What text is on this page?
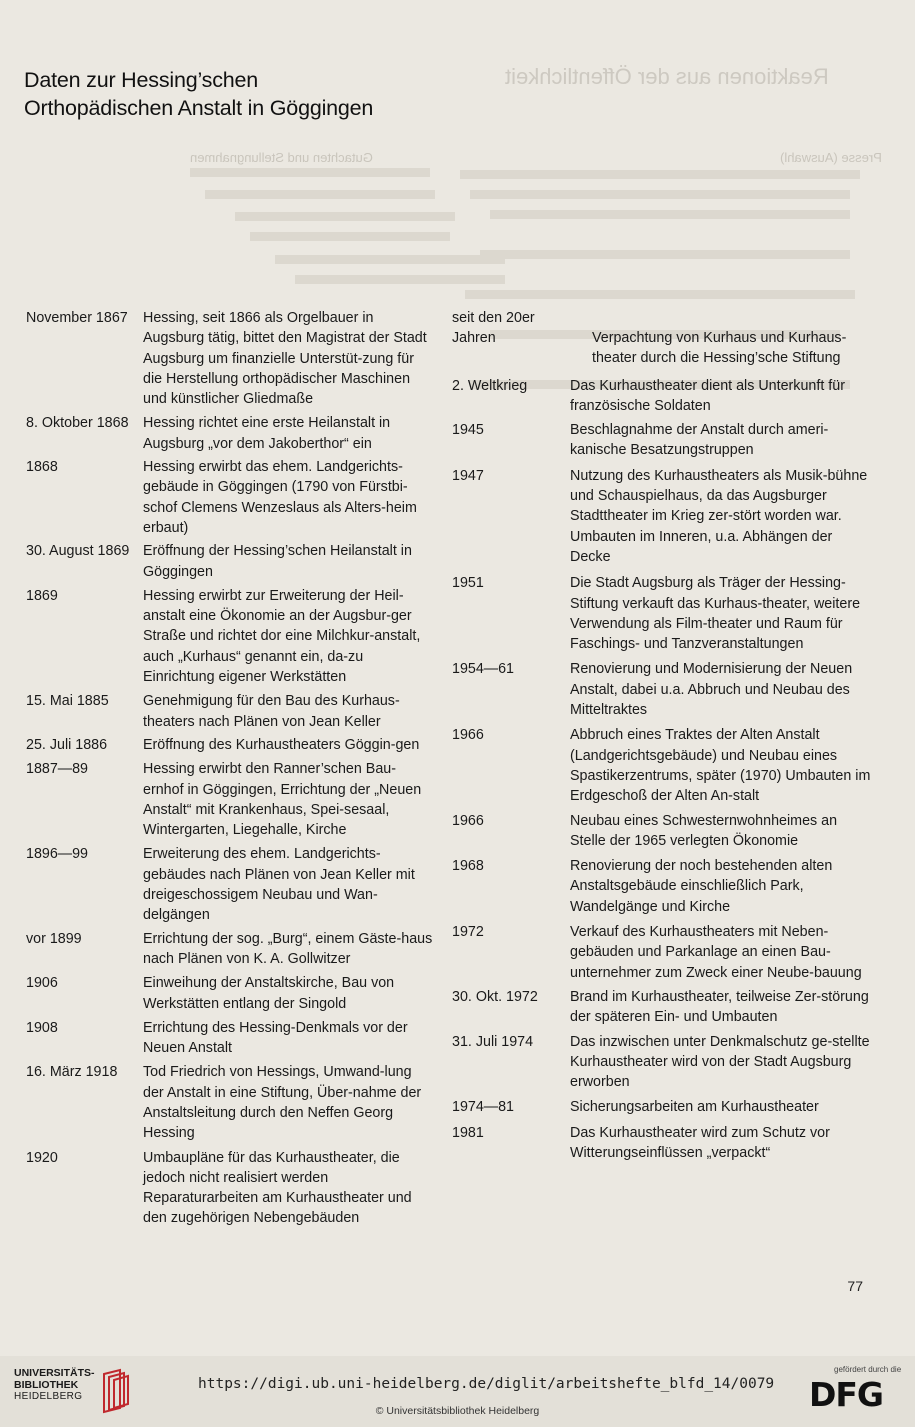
Reaktionen aus der Öffentlichkeit
Gutachten und Stellungnahmen	Presse (Auswahl)
Daten zur Hessing’schen
Orthopädischen Anstalt in Göggingen
November 1867	Hessing, seit 1866 als Orgelbauer in Augsburg tätig, bittet den Magistrat der Stadt Augsburg um finanzielle Unterstüt-zung für die Herstellung orthopädischer Maschinen und künstlicher Gliedmaße
8. Oktober 1868	Hessing richtet eine erste Heilanstalt in Augsburg „vor dem Jakoberthor“ ein
1868	Hessing erwirbt das ehem. Landgerichts-gebäude in Göggingen (1790 von Fürstbi-schof Clemens Wenzeslaus als Alters-heim erbaut)
30. August 1869 Eröffnung der Hessing’schen Heilanstalt in Göggingen
1869	Hessing erwirbt zur Erweiterung der Heil-anstalt eine Ökonomie an der Augsbur-ger Straße und richtet dor eine Milchkur-anstalt, auch „Kurhaus“ genannt ein, da-zu Einrichtung eigener Werkstätten
15. Mai 1885	Genehmigung für den Bau des Kurhaus-theaters nach Plänen von Jean Keller
25. Juli 1886	Eröffnung des Kurhaustheaters Göggin-gen
1887—89	Hessing erwirbt den Ranner’schen Bau-ernhof in Göggingen, Errichtung der „Neuen Anstalt“ mit Krankenhaus, Spei-sesaal, Wintergarten, Liegehalle, Kirche
1896—99	Erweiterung des ehem. Landgerichts-gebäudes nach Plänen von Jean Keller mit dreigeschossigem Neubau und Wan-delgängen
vor 1899	Errichtung der sog. „Burg“, einem Gäste-haus nach Plänen von K. A. Gollwitzer
1906	Einweihung der Anstaltskirche, Bau von Werkstätten entlang der Singold
1908	Errichtung des Hessing-Denkmals vor der Neuen Anstalt
16. März 1918	Tod Friedrich von Hessings, Umwand-lung der Anstalt in eine Stiftung, Über-nahme der Anstaltsleitung durch den Neffen Georg Hessing
1920	Umbaupläne für das Kurhaustheater, die jedoch nicht realisiert werden Reparaturarbeiten am Kurhaustheater und den zugehörigen Nebengebäuden
seit den 20er Jahren	Verpachtung von Kurhaus und Kurhaus-theater durch die Hessing’sche Stiftung
2. Weltkrieg	Das Kurhaustheater dient als Unterkunft für französische Soldaten
1945	Beschlagnahme der Anstalt durch ameri-kanische Besatzungstruppen
1947	Nutzung des Kurhaustheaters als Musik-bühne und Schauspielhaus, da das Augsburger Stadttheater im Krieg zer-stört worden war. Umbauten im Inneren, u.a. Abhängen der Decke
1951	Die Stadt Augsburg als Träger der Hessing-Stiftung verkauft das Kurhaus-theater, weitere Verwendung als Film-theater und Raum für Faschings- und Tanzveranstaltungen
1954—61	Renovierung und Modernisierung der Neuen Anstalt, dabei u.a. Abbruch und Neubau des Mitteltraktes
1966	Abbruch eines Traktes der Alten Anstalt (Landgerichtsgebäude) und Neubau eines Spastikerzentrums, später (1970) Umbauten im Erdgeschoß der Alten An-stalt
1966	Neubau eines Schwesternwohnheimes an Stelle der 1965 verlegten Ökonomie
1968	Renovierung der noch bestehenden alten Anstaltsgebäude einschließlich Park, Wandelgänge und Kirche
1972	Verkauf des Kurhaustheaters mit Neben-gebäuden und Parkanlage an einen Bau-unternehmer zum Zweck einer Neube-bauung
30. Okt. 1972	Brand im Kurhaustheater, teilweise Zer-störung der späteren Ein- und Umbauten
31. Juli 1974	Das inzwischen unter Denkmalschutz ge-stellte Kurhaustheater wird von der Stadt Augsburg erworben
1974—81	Sicherungsarbeiten am Kurhaustheater
1981	Das Kurhaustheater wird zum Schutz vor Witterungseinflüssen „verpackt“
77
UNIVERSITÄTS-
BIBLIOTHEK
HEIDELBERG
https://digi.ub.uni-heidelberg.de/diglit/arbeitshefte_blfd_14/0079
© Universitätsbibliothek Heidelberg
gefördert durch die
DFG
